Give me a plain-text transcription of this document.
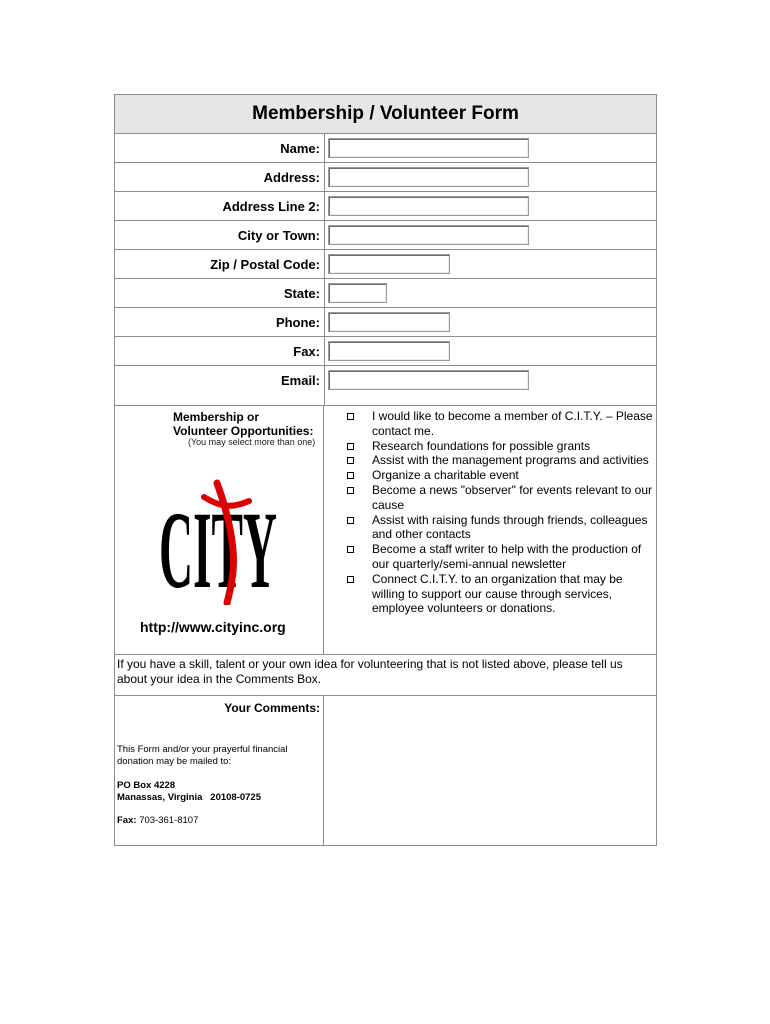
Membership / Volunteer Form
Name:
Address:
Address Line 2:
City or Town:
Zip / Postal Code:
State:
Phone:
Fax:
Email:
Membership or
Volunteer Opportunities:
(You may select more than one)
CITY
http://www.cityinc.org
I would like to become a member of C.I.T.Y. – Please contact me.
Research foundations for possible grants
Assist with the management programs and activities
Organize a charitable event
Become a news "observer" for events relevant to our cause
Assist with raising funds through friends, colleagues and other contacts
Become a staff writer to help with the production of our quarterly/semi-annual newsletter
Connect C.I.T.Y. to an organization that may be willing to support our cause through services, employee volunteers or donations.
If you have a skill, talent or your own idea for volunteering that is not listed above, please tell us about your idea in the Comments Box.
Your Comments:
This Form and/or your prayerful financial donation may be mailed to:
PO Box 4228
Manassas, Virginia   20108-0725
Fax: 703-361-8107
